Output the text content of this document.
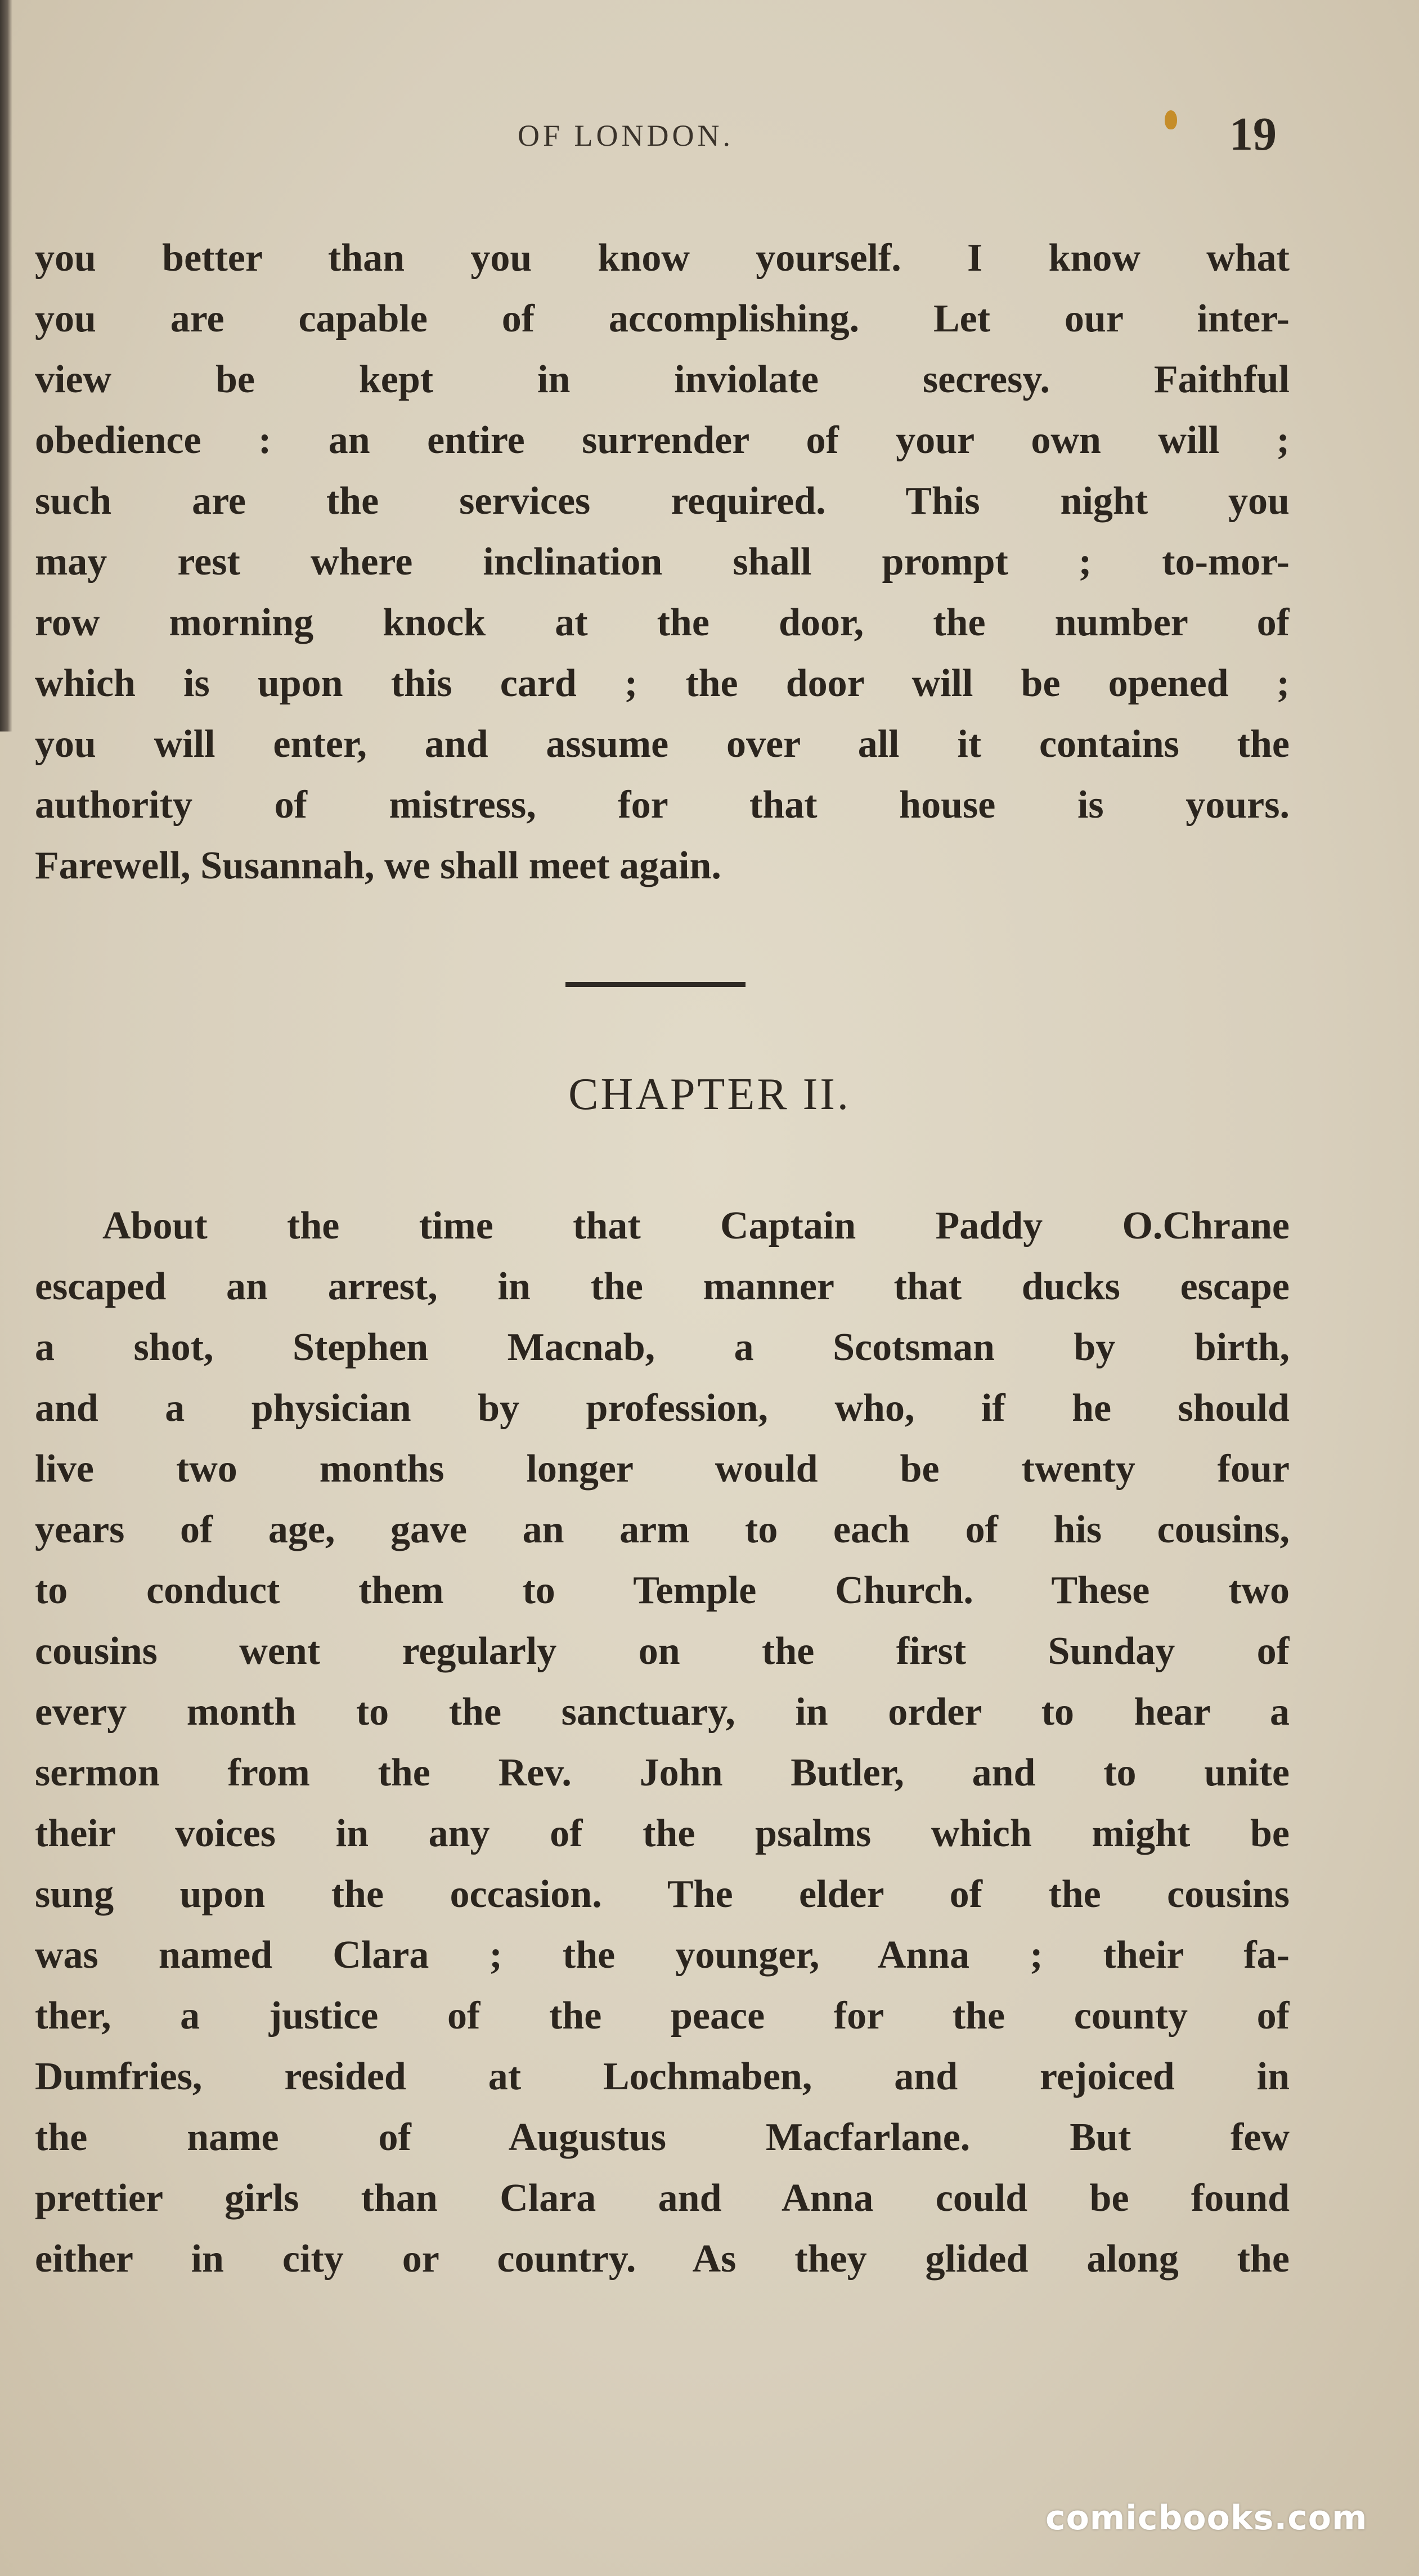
OF LONDON.	19
you better than you know yourself. I know what
you are capable of accomplishing. Let our inter-
view be kept in inviolate secresy. Faithful
obedience : an entire surrender of your own will ;
such are the services required. This night you
may rest where inclination shall prompt ; to-mor-
row morning knock at the door, the number of
which is upon this card ; the door will be opened ;
you will enter, and assume over all it contains the
authority of mistress, for that house is yours.
Farewell, Susannah, we shall meet again.
CHAPTER II.
About the time that Captain Paddy O.Chrane
escaped an arrest, in the manner that ducks escape
a shot, Stephen Macnab, a Scotsman by birth,
and a physician by profession, who, if he should
live two months longer would be twenty four
years of age, gave an arm to each of his cousins,
to conduct them to Temple Church. These two
cousins went regularly on the first Sunday of
every month to the sanctuary, in order to hear a
sermon from the Rev. John Butler, and to unite
their voices in any of the psalms which might be
sung upon the occasion. The elder of the cousins
was named Clara ; the younger, Anna ; their fa-
ther, a justice of the peace for the county of
Dumfries, resided at Lochmaben, and rejoiced in
the name of Augustus Macfarlane. But few
prettier girls than Clara and Anna could be found
either in city or country. As they glided along the
comicbooks.com
